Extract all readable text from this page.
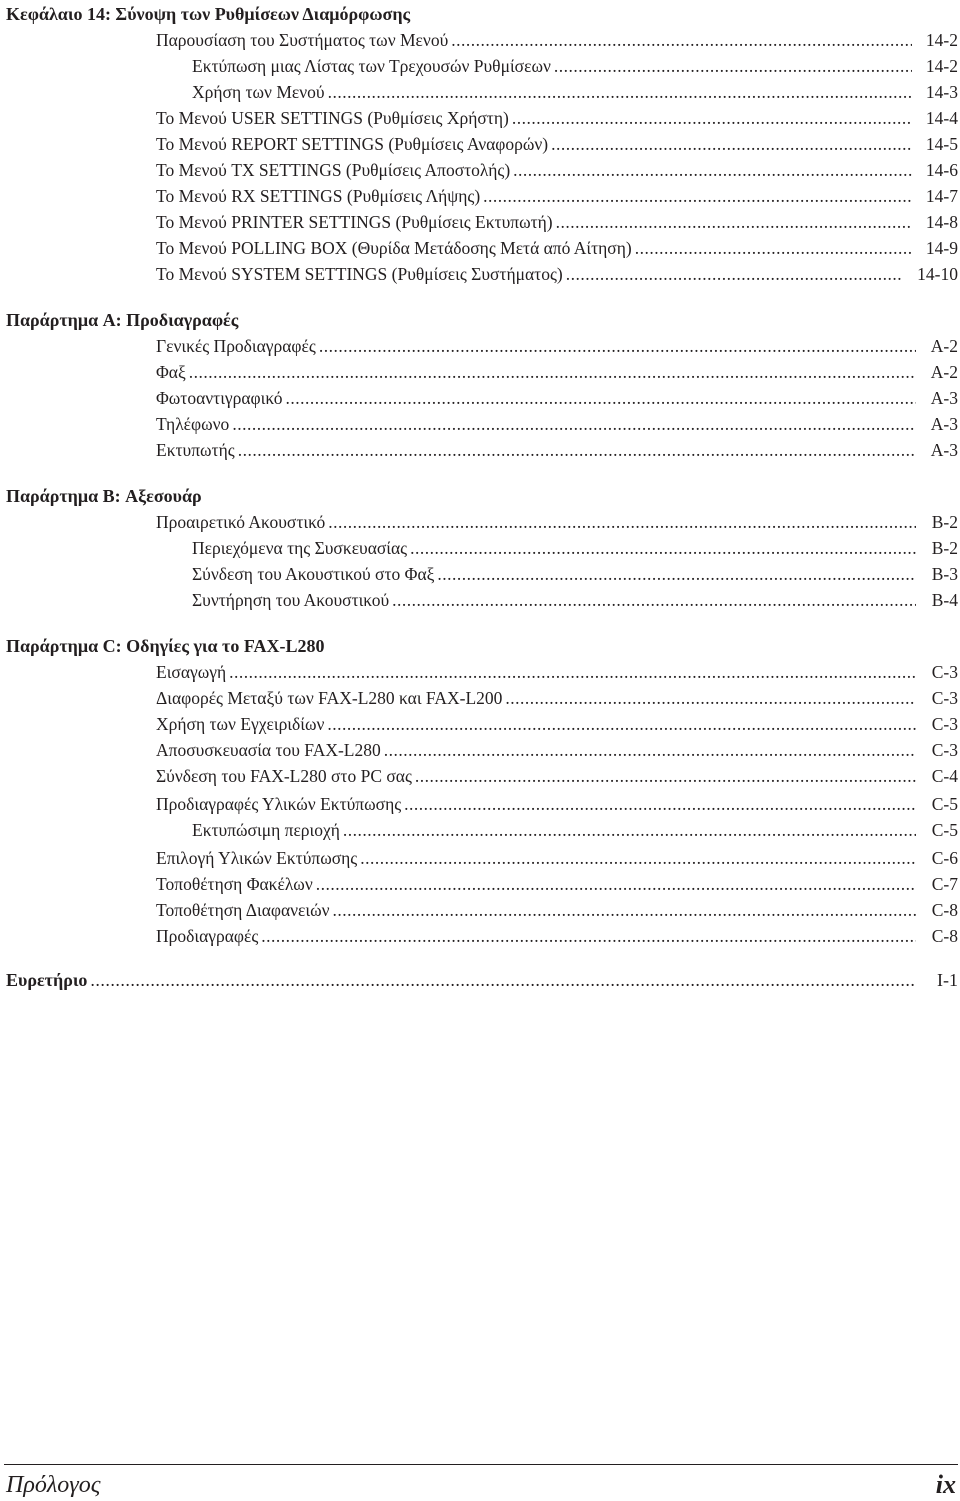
Κεφάλαιο 14: Σύνοψη των Ρυθμίσεων Διαμόρφωσης
Παρουσίαση του Συστήματος των Μενού .....	14-2
Εκτύπωση μιας Λίστας των Τρεχουσών Ρυθμίσεων .....	14-2
Χρήση των Μενού .....	14-3
Το Μενού USER SETTINGS (Ρυθμίσεις Χρήστη) .....	14-4
Το Μενού REPORT SETTINGS (Ρυθμίσεις Αναφορών) .....	14-5
Το Μενού TX SETTINGS (Ρυθμίσεις Αποστολής) .....	14-6
Το Μενού RX SETTINGS (Ρυθμίσεις Λήψης) .....	14-7
Το Μενού PRINTER SETTINGS (Ρυθμίσεις Εκτυπωτή) .....	14-8
Το Μενού POLLING BOX (Θυρίδα Μετάδοσης Μετά από Αίτηση) .....	14-9
Το Μενού SYSTEM SETTINGS (Ρυθμίσεις Συστήματος) .....	14-10
Παράρτημα A: Προδιαγραφές
Γενικές Προδιαγραφές .....	A-2
Φαξ .....	A-2
Φωτοαντιγραφικό .....	A-3
Τηλέφωνο .....	A-3
Εκτυπωτής .....	A-3
Παράρτημα B: Αξεσουάρ
Προαιρετικό Ακουστικό .....	B-2
Περιεχόμενα της Συσκευασίας .....	B-2
Σύνδεση του Ακουστικού στο Φαξ .....	B-3
Συντήρηση του Ακουστικού .....	B-4
Παράρτημα C: Οδηγίες για το FAX-L280
Εισαγωγή .....	C-3
Διαφορές Μεταξύ των FAX-L280 και FAX-L200 .....	C-3
Χρήση των Εγχειριδίων .....	C-3
Αποσυσκευασία του FAX-L280 .....	C-3
Σύνδεση του FAX-L280 στο PC σας .....	C-4
Προδιαγραφές Υλικών Εκτύπωσης .....	C-5
Εκτυπώσιμη περιοχή .....	C-5
Επιλογή Υλικών Εκτύπωσης .....	C-6
Τοποθέτηση Φακέλων .....	C-7
Τοποθέτηση Διαφανειών .....	C-8
Προδιαγραφές .....	C-8
Ευρετήριο .....	I-1
Πρόλογος	ix
